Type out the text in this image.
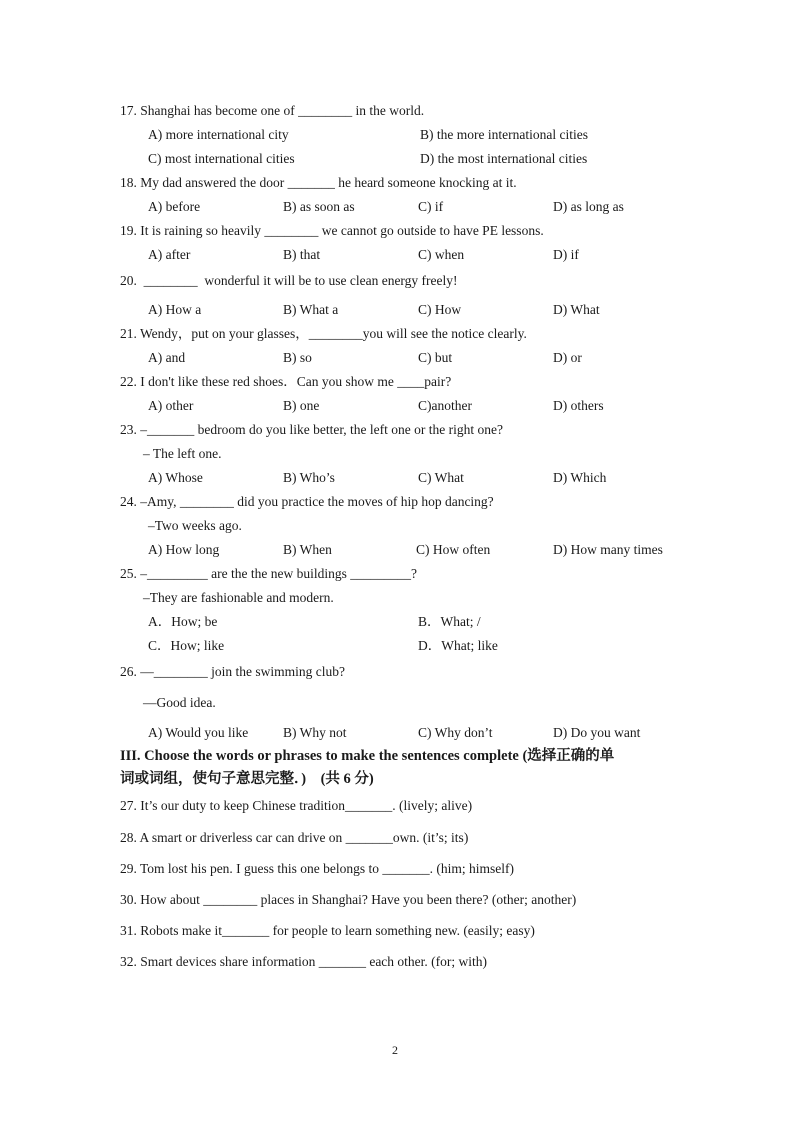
17. Shanghai has become one of ________ in the world.
A) more international city	B) the more international cities
C) most international cities	D) the most international cities
18. My dad answered the door _______ he heard someone knocking at it.
A) before	B) as soon as	C) if	D) as long as
19. It is raining so heavily ________ we cannot go outside to have PE lessons.
A) after	B) that	C) when	D) if
20.  ________  wonderful it will be to use clean energy freely!
A) How a	B) What a	C) How	D) What
21. Wendy，put on your glasses，________you will see the notice clearly.
A) and	B) so	C) but	D) or
22. I don't like these red shoes．Can you show me ____pair?
A) other	B) one	C)another	D) others
23. –_______ bedroom do you like better, the left one or the right one?
– The left one.
A) Whose	B) Who’s	C) What	D) Which
24. –Amy, ________ did you practice the moves of hip hop dancing?
–Two weeks ago.
A) How long	B) When	C) How often	D) How many times
25. –_________ are the the new buildings _________?
–They are fashionable and modern.
A．How; be	B．What; /
C．How; like	D．What; like
26. —________ join the swimming club?
—Good idea.
A) Would you like	B) Why not	C) Why don’t	D) Do you want
III. Choose the words or phrases to make the sentences complete (选择正确的单
词或词组，使句子意思完整．)    (共 6 分)
27. It’s our duty to keep Chinese tradition_______. (lively; alive)
28. A smart or driverless car can drive on _______own. (it’s; its)
29. Tom lost his pen. I guess this one belongs to _______. (him; himself)
30. How about ________ places in Shanghai? Have you been there? (other; another)
31. Robots make it_______ for people to learn something new. (easily; easy)
32. Smart devices share information _______ each other. (for; with)
2
